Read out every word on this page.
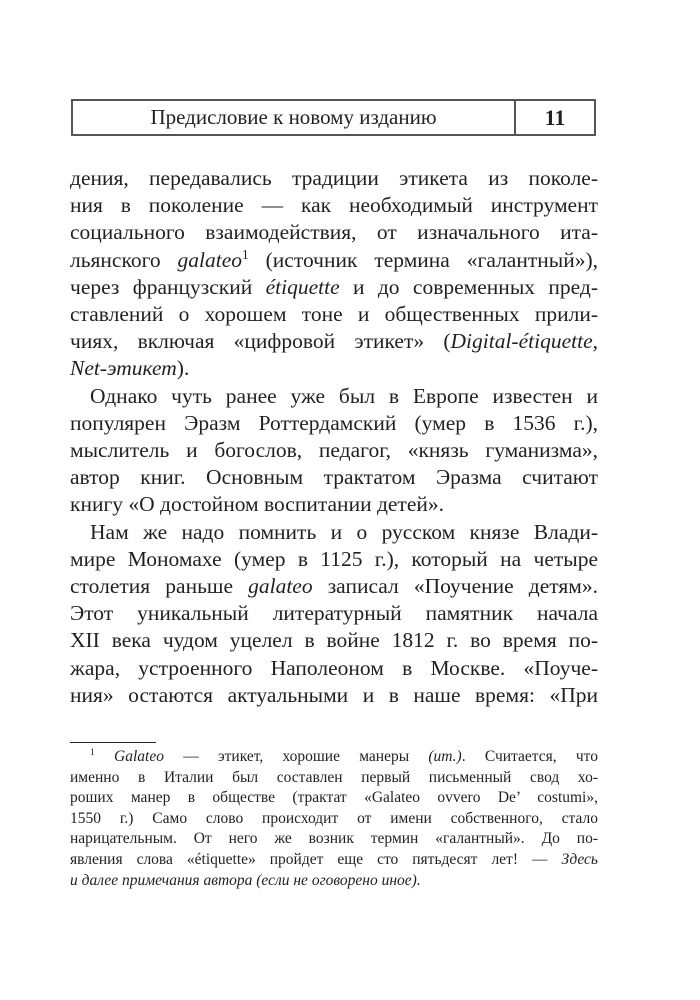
Предисловие к новому изданию	11
дения, передавались традиции этикета из поколе-
ния в поколение — как необходимый инструмент
социального взаимодействия, от изначального ита-
льянского galateo$^1$ (источник термина «галантный»),
через французский étiquette и до современных пред-
ставлений о хорошем тоне и общественных прили-
чиях, включая «цифровой этикет» (Digital-étiquette,
Net-этикет).
Однако чуть ранее уже был в Европе известен и
популярен Эразм Роттердамский (умер в 1536 г.),
мыслитель и богослов, педагог, «князь гуманизма»,
автор книг. Основным трактатом Эразма считают
книгу «О достойном воспитании детей».
Нам же надо помнить и о русском князе Влади-
мире Мономахе (умер в 1125 г.), который на четыре
столетия раньше galateo записал «Поучение детям».
Этот уникальный литературный памятник начала
XII века чудом уцелел в войне 1812 г. во время по-
жара, устроенного Наполеоном в Москве. «Поуче-
ния» остаются актуальными и в наше время: «При
$^1$ Galateo — этикет, хорошие манеры (ит.). Считается, что
именно в Италии был составлен первый письменный свод хо-
роших манер в обществе (трактат «Galateo ovvero De’ costumi»,
1550 г.) Само слово происходит от имени собственного, стало
нарицательным. От него же возник термин «галантный». До по-
явления слова «étiquette» пройдет еще сто пятьдесят лет! — Здесь
и далее примечания автора (если не оговорено иное).
